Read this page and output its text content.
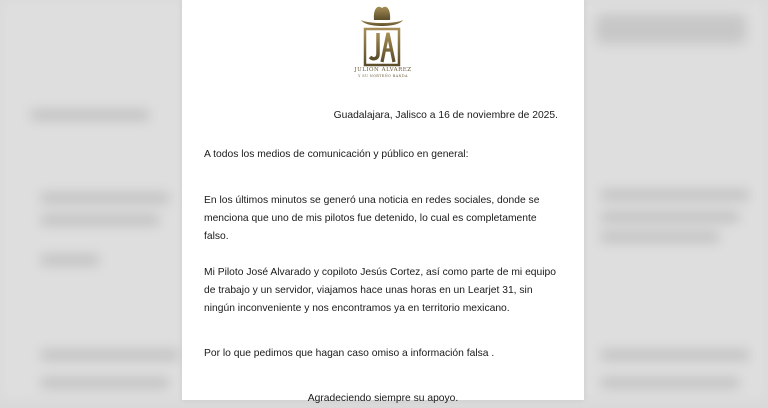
JULIÓN ÁLVAREZ
Y SU NORTEÑO BANDA
Guadalajara, Jalisco a 16 de noviembre de 2025.
A todos los medios de comunicación y público en general:
En los últimos minutos se generó una noticia en redes sociales, donde se menciona que uno de mis pilotos fue detenido, lo cual es completamente falso.
Mi Piloto José Alvarado y copiloto Jesús Cortez, así como parte de mi equipo de trabajo y un servidor, viajamos hace unas horas en un Learjet 31, sin ningún inconveniente y nos encontramos ya en territorio mexicano.
Por lo que pedimos que hagan caso omiso a información falsa .
Agradeciendo siempre su apoyo.
